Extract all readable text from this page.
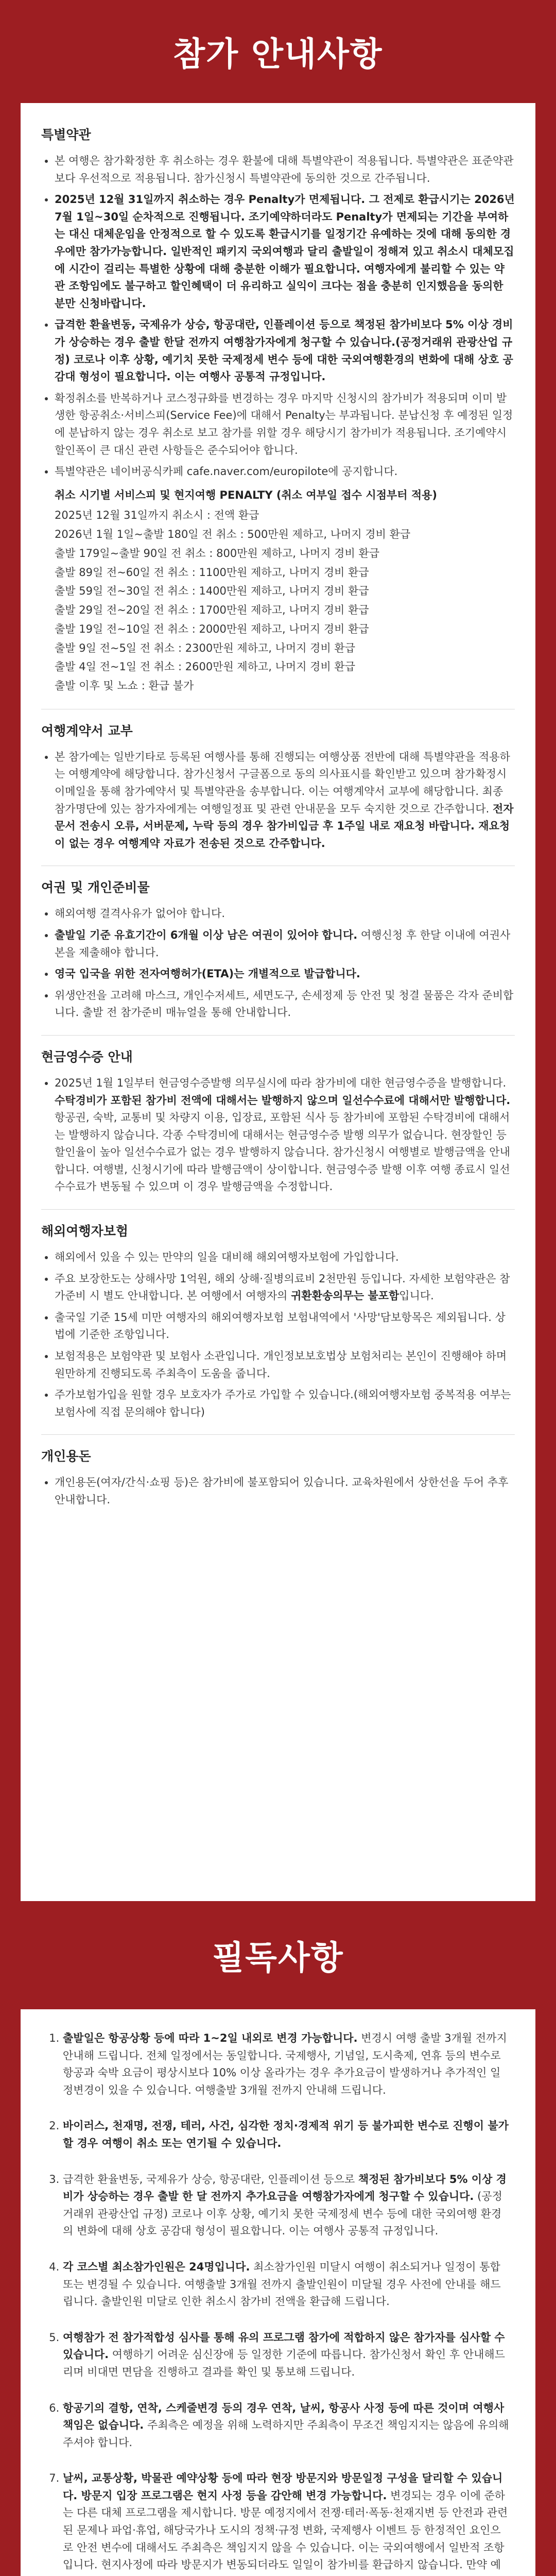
참가 안내사항
특별약관
• 본 여행은 참가확정한 후 취소하는 경우 환불에 대해 특별약관이 적용됩니다. 특별약관은 표준약관보다 우선적으로 적용됩니다. 참가신청시 특별약관에 동의한 것으로 간주됩니다.
• 2025년 12월 31일까지 취소하는 경우 Penalty가 면제됩니다. 그 전제로 환급시기는 2026년 7월 1일~30일 순차적으로 진행됩니다. 조기예약하더라도 Penalty가 면제되는 기간을 부여하는 대신 대체운임을 안정적으로 할 수 있도록 환급시기를 일정기간 유예하는 것에 대해 동의한 경우에만 참가가능합니다. 일반적인 패키지 국외여행과 달리 출발일이 정해져 있고 취소시 대체모집에 시간이 걸리는 특별한 상황에 대해 충분한 이해가 필요합니다. 여행자에게 불리할 수 있는 약관 조항임에도 불구하고 할인혜택이 더 유리하고 실익이 크다는 점을 충분히 인지했음을 동의한 분만 신청바랍니다.
• 급격한 환율변동, 국제유가 상승, 항공대란, 인플레이션 등으로 책정된 참가비보다 5% 이상 경비가 상승하는 경우 출발 한달 전까지 여행참가자에게 청구할 수 있습니다.(공정거래위 관광산업 규정) 코로나 이후 상황, 예기치 못한 국제정세 변수 등에 대한 국외여행환경의 변화에 대해 상호 공감대 형성이 필요합니다. 이는 여행사 공통적 규정입니다.
• 확정취소를 반복하거나 코스정규화를 변경하는 경우 마지막 신청시의 참가비가 적용되며 이미 발생한 항공취소·서비스피(Service Fee)에 대해서 Penalty는 부과됩니다. 분납신청 후 예정된 일정에 분납하지 않는 경우 취소로 보고 참가를 위할 경우 해당시기 참가비가 적용됩니다. 조기예약시 할인폭이 큰 대신 관련 사항들은 준수되어야 합니다.
• 특별약관은 네이버공식카페 cafe.naver.com/europilote에 공지합니다.
취소 시기별 서비스피 및 현지여행 PENALTY (취소 여부일 접수 시점부터 적용)
2025년 12월 31일까지 취소시 : 전액 환급
2026년 1월 1일~출발 180일 전 취소 : 500만원 제하고, 나머지 경비 환급
출발 179일~출발 90일 전 취소 : 800만원 제하고, 나머지 경비 환급
출발 89일 전~60일 전 취소 : 1100만원 제하고, 나머지 경비 환급
출발 59일 전~30일 전 취소 : 1400만원 제하고, 나머지 경비 환급
출발 29일 전~20일 전 취소 : 1700만원 제하고, 나머지 경비 환급
출발 19일 전~10일 전 취소 : 2000만원 제하고, 나머지 경비 환급
출발 9일 전~5일 전 취소 : 2300만원 제하고, 나머지 경비 환급
출발 4일 전~1일 전 취소 : 2600만원 제하고, 나머지 경비 환급
출발 이후 및 노쇼 : 환급 불가
여행계약서 교부
• 본 참가예는 일반기타로 등록된 여행사를 통해 진행되는 여행상품 전반에 대해 특별약관을 적용하는 여행계약에 해당합니다. 참가신청서 구글폼으로 동의 의사표시를 확인받고 있으며 참가확정시 이메일을 통해 참가예약서 및 특별약관을 송부합니다. 이는 여행계약서 교부에 해당합니다. 최종 참가명단에 있는 참가자에게는 여행일정표 및 관련 안내문을 모두 숙지한 것으로 간주합니다. 전자문서 전송시 오류, 서버문제, 누락 등의 경우 참가비입금 후 1주일 내로 재요청 바랍니다. 재요청이 없는 경우 여행계약 자료가 전송된 것으로 간주합니다.
여권 및 개인준비물
• 해외여행 결격사유가 없어야 합니다.
• 출발일 기준 유효기간이 6개월 이상 남은 여권이 있어야 합니다. 여행신청 후 한달 이내에 여권사본을 제출해야 합니다.
• 영국 입국을 위한 전자여행허가(ETA)는 개별적으로 발급합니다.
• 위생안전을 고려해 마스크, 개인수저세트, 세면도구, 손세정제 등 안전 및 청결 물품은 각자 준비합니다. 출발 전 참가준비 매뉴얼을 통해 안내합니다.
현금영수증 안내
• 2025년 1월 1일부터 현금영수증발행 의무실시에 따라 참가비에 대한 현금영수증을 발행합니다. 수탁경비가 포함된 참가비 전액에 대해서는 발행하지 않으며 일선수수료에 대해서만 발행합니다. 항공권, 숙박, 교통비 및 차량지 이용, 입장료, 포함된 식사 등 참가비에 포함된 수탁경비에 대해서는 발행하지 않습니다. 각종 수탁경비에 대해서는 현금영수증 발행 의무가 없습니다. 현장할인 등 할인율이 높아 일선수수료가 없는 경우 발행하지 않습니다. 참가신청시 여행별로 발행금액을 안내합니다. 여행별, 신청시기에 따라 발행금액이 상이합니다. 현금영수증 발행 이후 여행 종료시 일선수수료가 변동될 수 있으며 이 경우 발행금액을 수정합니다.
해외여행자보험
• 해외에서 있을 수 있는 만약의 일을 대비해 해외여행자보험에 가입합니다.
• 주요 보장한도는 상해사망 1억원, 해외 상해·질병의료비 2천만원 등입니다. 자세한 보험약관은 참가준비 시 별도 안내합니다. 본 여행에서 여행자의 귀환환송의무는 불포함입니다.
• 출국일 기준 15세 미만 여행자의 해외여행자보험 보험내역에서 '사망'담보항목은 제외됩니다. 상법에 기준한 조항입니다.
• 보험적용은 보험약관 및 보험사 소관입니다. 개인정보보호법상 보험처리는 본인이 진행해야 하며 원만하게 진행되도록 주최측이 도움을 줍니다.
• 주가보험가입을 원할 경우 보호자가 주가로 가입할 수 있습니다.(해외여행자보험 중복적용 여부는 보험사에 직접 문의해야 합니다)
개인용돈
• 개인용돈(여자/간식·쇼핑 등)은 참가비에 불포함되어 있습니다. 교육차원에서 상한선을 두어 추후 안내합니다.
필독사항
1. 출발일은 항공상황 등에 따라 1~2일 내외로 변경 가능합니다. 변경시 여행 출발 3개월 전까지 안내해 드립니다. 전체 일정에서는 동일합니다. 국제행사, 기념일, 도시축제, 연휴 등의 변수로 항공과 숙박 요금이 평상시보다 10% 이상 올라가는 경우 추가요금이 발생하거나 추가적인 일정변경이 있을 수 있습니다. 여행출발 3개월 전까지 안내해 드립니다.
2. 바이러스, 천재명, 전쟁, 테러, 사건, 심각한 정치·경제적 위기 등 불가피한 변수로 진행이 불가할 경우 여행이 취소 또는 연기될 수 있습니다.
3. 급격한 환율변동, 국제유가 상승, 항공대란, 인플레이션 등으로 책정된 참가비보다 5% 이상 경비가 상승하는 경우 출발 한 달 전까지 추가요금을 여행참가자에게 청구할 수 있습니다. (공정거래위 관광산업 규정) 코로나 이후 상황, 예기치 못한 국제정세 변수 등에 대한 국외여행 환경의 변화에 대해 상호 공감대 형성이 필요합니다. 이는 여행사 공통적 규정입니다.
4. 각 코스별 최소참가인원은 24명입니다. 최소참가인원 미달시 여행이 취소되거나 일정이 통합 또는 변경될 수 있습니다. 여행출발 3개월 전까지 출발인원이 미달될 경우 사전에 안내를 해드립니다. 출발인원 미달로 인한 취소시 참가비 전액을 환급해 드립니다.
5. 여행참가 전 참가적합성 심사를 통해 유의 프로그램 참가에 적합하지 않은 참가자를 심사할 수 있습니다. 여행하기 어려운 심신장애 등 일정한 기준에 따릅니다. 참가신청서 확인 후 안내해드리며 비대면 면담을 진행하고 결과를 확인 및 통보해 드립니다.
6. 항공기의 결항, 연착, 스케줄변경 등의 경우 연착, 날씨, 항공사 사정 등에 따른 것이며 여행사 책임은 없습니다. 주최측은 예정을 위해 노력하지만 주최측이 무조건 책임지지는 않음에 유의해주셔야 합니다.
7. 날씨, 교통상황, 박물관 예약상황 등에 따라 현장 방문지와 방문일정 구성을 달리할 수 있습니다. 방문지 입장 프로그램은 현지 사정 등을 감안해 변경 가능합니다. 변경되는 경우 이에 준하는 다른 대체 프로그램을 제시합니다. 방문 예정지에서 전쟁·테러·폭동·천재지변 등 안전과 관련된 문제나 파업·휴업, 해당국가나 도시의 정책·규정 변화, 국제행사 이벤트 등 한정적인 요인으로 안전 변수에 대해서도 주최측은 책임지지 않을 수 있습니다. 이는 국외여행에서 일반적 조항입니다. 현지사정에 따라 방문지가 변동되더라도 일일이 참가비를 환급하지 않습니다. 만약 예
